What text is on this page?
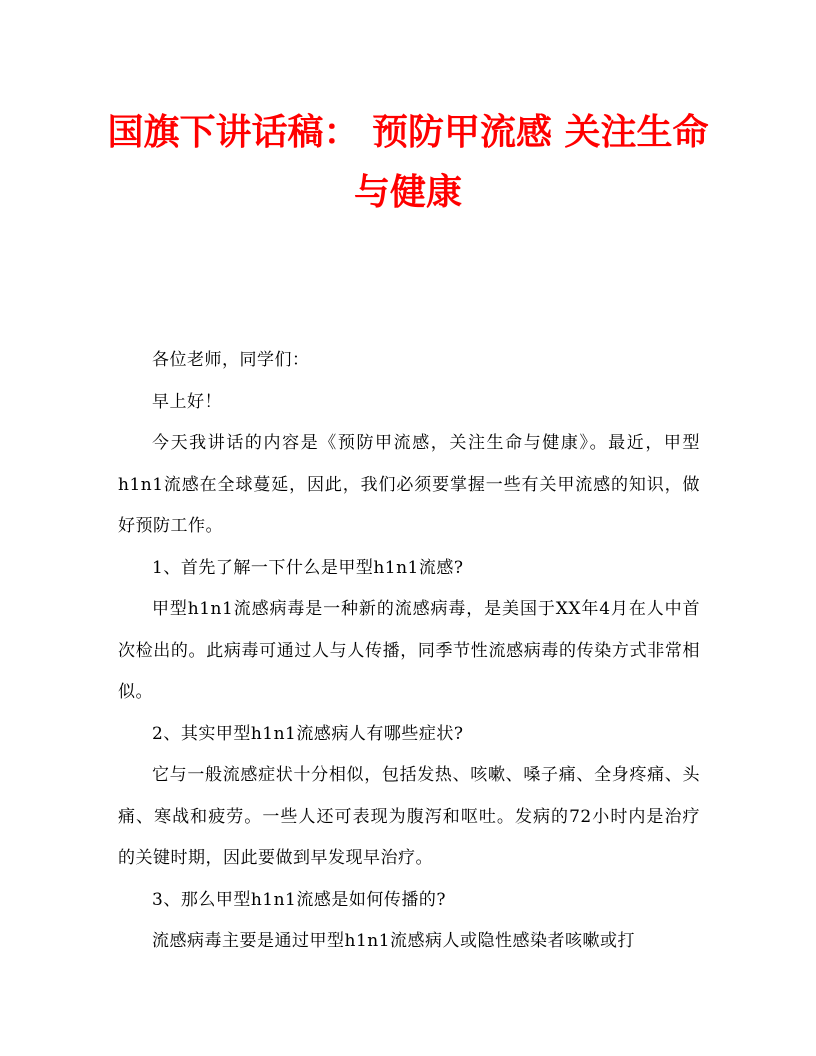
国旗下讲话稿： 预防甲流感 关注生命
与健康

各位老师，同学们：

早上好！

今天我讲话的内容是《预防甲流感，关注生命与健康》。最近，甲型h1n1流感在全球蔓延，因此，我们必须要掌握一些有关甲流感的知识，做好预防工作。

1、首先了解一下什么是甲型h1n1流感?

甲型h1n1流感病毒是一种新的流感病毒，是美国于XX年4月在人中首次检出的。此病毒可通过人与人传播，同季节性流感病毒的传染方式非常相似。

2、其实甲型h1n1流感病人有哪些症状?

它与一般流感症状十分相似，包括发热、咳嗽、嗓子痛、全身疼痛、头痛、寒战和疲劳。一些人还可表现为腹泻和呕吐。发病的72小时内是治疗的关键时期，因此要做到早发现早治疗。

3、那么甲型h1n1流感是如何传播的?

流感病毒主要是通过甲型h1n1流感病人或隐性感染者咳嗽或打
